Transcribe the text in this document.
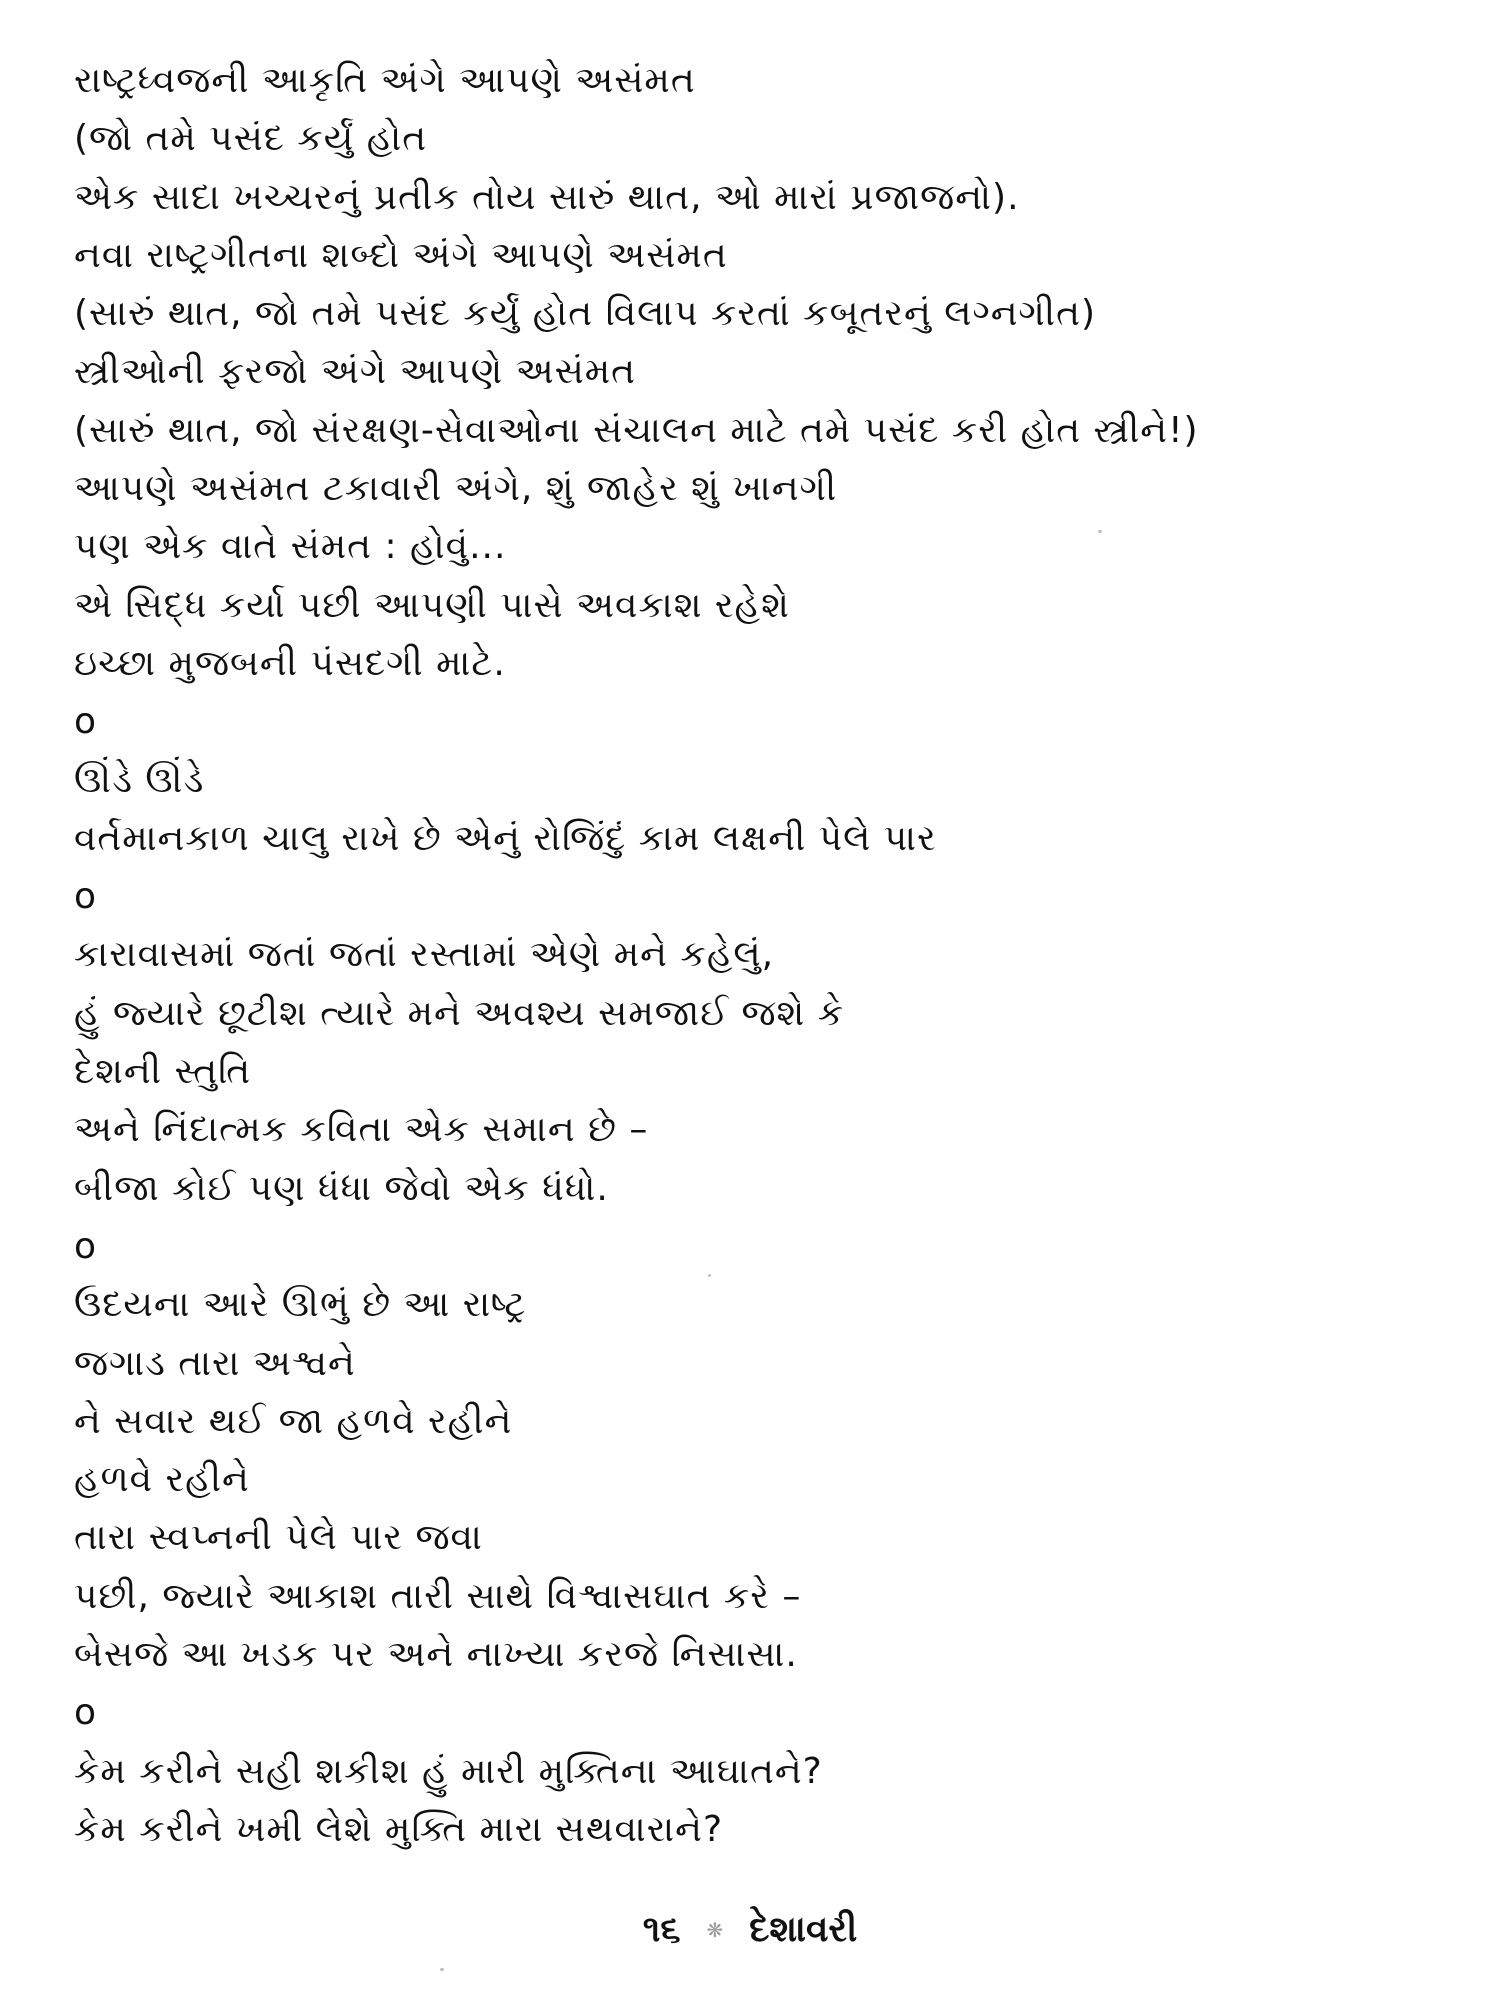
રાષ્ટ્રધ્વજની આકૃતિ અંગે આપણે અસંમત
(જો તમે પસંદ કર્યું હોત
એક સાદા ખચ્ચરનું પ્રતીક તોય સારું થાત, ઓ મારાં પ્રજાજનો).
નવા રાષ્ટ્રગીતના શબ્દો અંગે આપણે અસંમત
(સારું થાત, જો તમે પસંદ કર્યું હોત વિલાપ કરતાં કબૂતરનું લગ્નગીત)
સ્ત્રીઓની ફરજો અંગે આપણે અસંમત
(સારું થાત, જો સંરક્ષણ-સેવાઓના સંચાલન માટે તમે પસંદ કરી હોત સ્ત્રીને!)
આપણે અસંમત ટકાવારી અંગે, શું જાહેર શું ખાનગી
પણ એક વાતે સંમત : હોવું...
એ સિદ્ધ કર્યા પછી આપણી પાસે અવકાશ રહેશે
ઇચ્છા મુજબની પંસદગી માટે.
o
ઊંડે ઊંડે
વર્તમાનકાળ ચાલુ રાખે છે એનું રોજિંદું કામ લક્ષની પેલે પાર
o
કારાવાસમાં જતાં જતાં રસ્તામાં એણે મને કહેલું,
હું જ્યારે છૂટીશ ત્યારે મને અવશ્ય સમજાઈ જશે કે
દેશની સ્તુતિ
અને નિંદાત્મક કવિતા એક સમાન છે –
બીજા કોઈ પણ ધંધા જેવો એક ધંધો.
o
ઉદયના આરે ઊભું છે આ રાષ્ટ્ર
જગાડ તારા અશ્વને
ને સવાર થઈ જા હળવે રહીને
હળવે રહીને
તારા સ્વપ્નની પેલે પાર જવા
પછી, જ્યારે આકાશ તારી સાથે વિશ્વાસઘાત કરે –
બેસજે આ ખડક પર અને નાખ્યા કરજે નિસાસા.
o
કેમ કરીને સહી શકીશ હું મારી મુક્તિના આઘાતને?
કેમ કરીને ખમી લેશે મુક્તિ મારા સથવારાને?
૧૬ ❋ દેશાવરી
